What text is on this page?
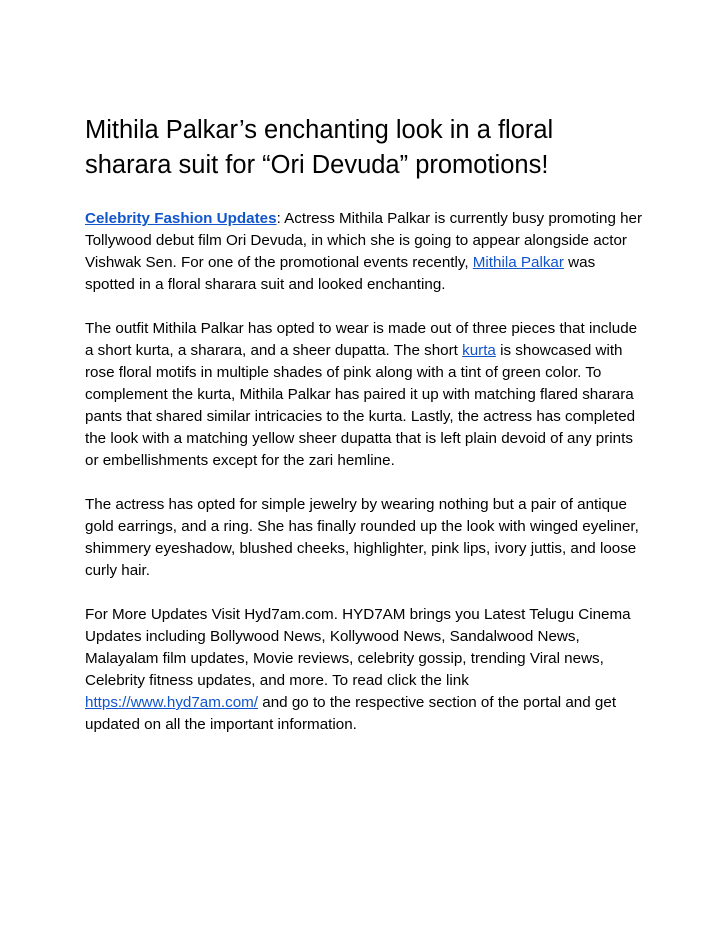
Mithila Palkar’s enchanting look in a floral
sharara suit for “Ori Devuda” promotions!

Celebrity Fashion Updates: Actress Mithila Palkar is currently busy promoting her Tollywood debut film Ori Devuda, in which she is going to appear alongside actor Vishwak Sen. For one of the promotional events recently, Mithila Palkar was spotted in a floral sharara suit and looked enchanting.

The outfit Mithila Palkar has opted to wear is made out of three pieces that include a short kurta, a sharara, and a sheer dupatta. The short kurta is showcased with rose floral motifs in multiple shades of pink along with a tint of green color. To complement the kurta, Mithila Palkar has paired it up with matching flared sharara pants that shared similar intricacies to the kurta. Lastly, the actress has completed the look with a matching yellow sheer dupatta that is left plain devoid of any prints or embellishments except for the zari hemline.

The actress has opted for simple jewelry by wearing nothing but a pair of antique gold earrings, and a ring. She has finally rounded up the look with winged eyeliner, shimmery eyeshadow, blushed cheeks, highlighter, pink lips, ivory juttis, and loose curly hair.

For More Updates Visit Hyd7am.com. HYD7AM brings you Latest Telugu Cinema Updates including Bollywood News, Kollywood News, Sandalwood News, Malayalam film updates, Movie reviews, celebrity gossip, trending Viral news, Celebrity fitness updates, and more. To read click the link https://www.hyd7am.com/ and go to the respective section of the portal and get updated on all the important information.
